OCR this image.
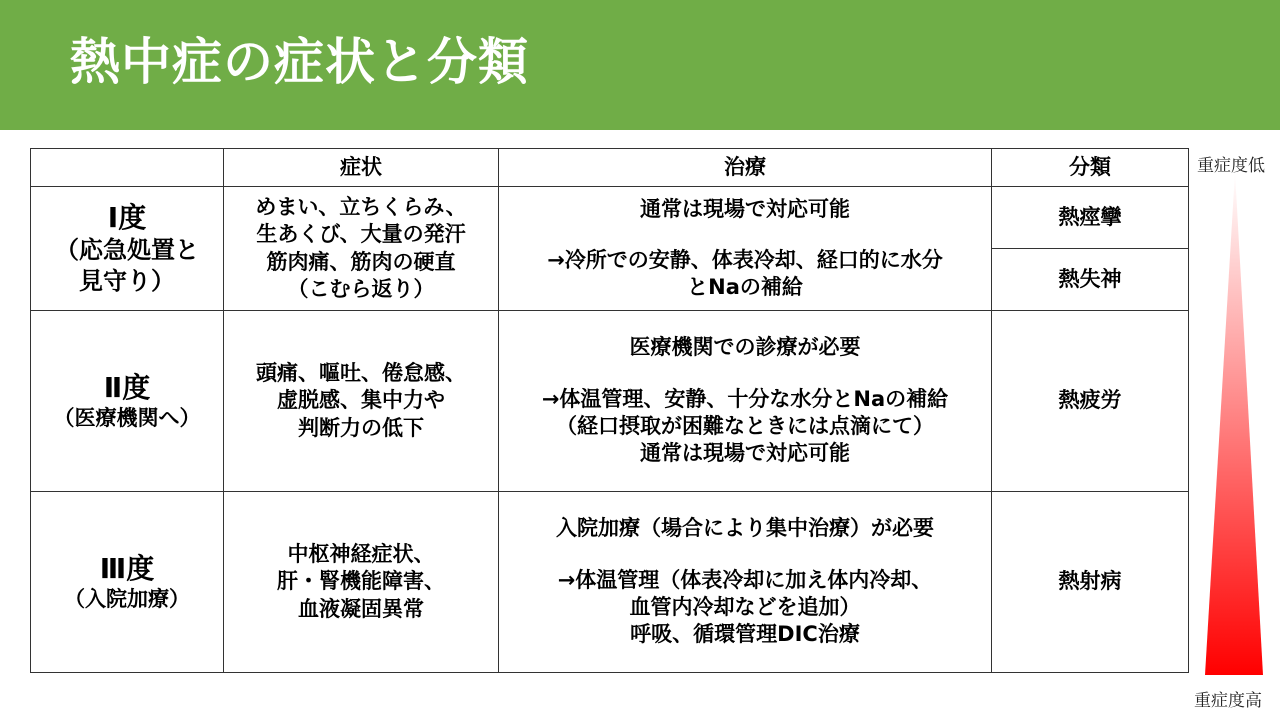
熱中症の症状と分類
	症状	治療	分類

Ⅰ度
（応急処置と
見守り）	めまい、立ちくらみ、
生あくび、大量の発汗
筋肉痛、筋肉の硬直
（こむら返り）	通常は現場で対応可能
→冷所での安静、体表冷却、経口的に水分
とNaの補給	熱痙攣
			熱失神

Ⅱ度
（医療機関へ）	頭痛、嘔吐、倦怠感、
虚脱感、集中力や
判断力の低下	医療機関での診療が必要
→体温管理、安静、十分な水分とNaの補給
（経口摂取が困難なときには点滴にて）
通常は現場で対応可能	熱疲労

Ⅲ度
（入院加療）	中枢神経症状、
肝・腎機能障害、
血液凝固異常	入院加療（場合により集中治療）が必要
→体温管理（体表冷却に加え体内冷却、
血管内冷却などを追加）
呼吸、循環管理DIC治療	熱射病
重症度低
重症度高
